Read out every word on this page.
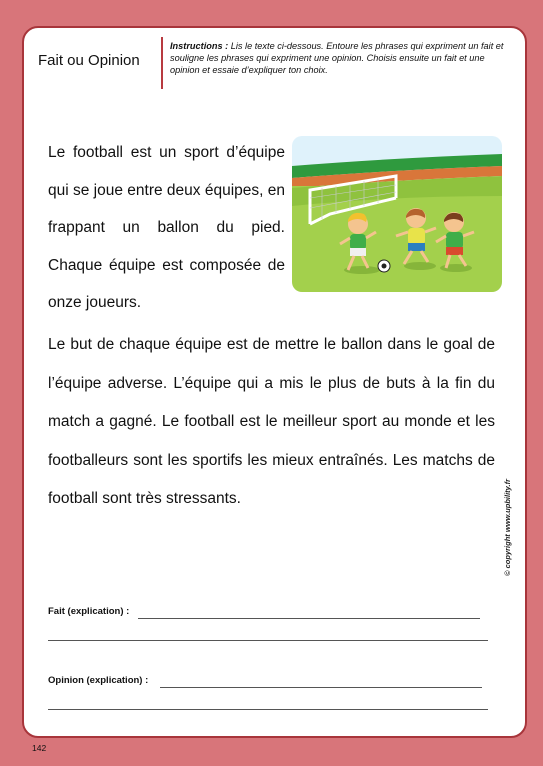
Fait ou Opinion
Instructions : Lis le texte ci-dessous. Entoure les phrases qui expriment un fait et souligne les phrases qui expriment une opinion. Choisis ensuite un fait et une opinion et essaie d’expliquer ton choix.
Le football est un sport d’équipe qui se joue entre deux équipes, en frappant un ballon du pied. Chaque équipe est composée de onze joueurs.
Le but de chaque équipe est de mettre le ballon dans le goal de l’équipe adverse. L’équipe qui a mis le plus de buts à la fin du match a gagné. Le football est le meilleur sport au monde et les footballeurs sont les sportifs les mieux entraînés. Les matchs de football sont très stressants.
Fait (explication) :
Opinion (explication) :
© copyright www.upbility.fr
142
